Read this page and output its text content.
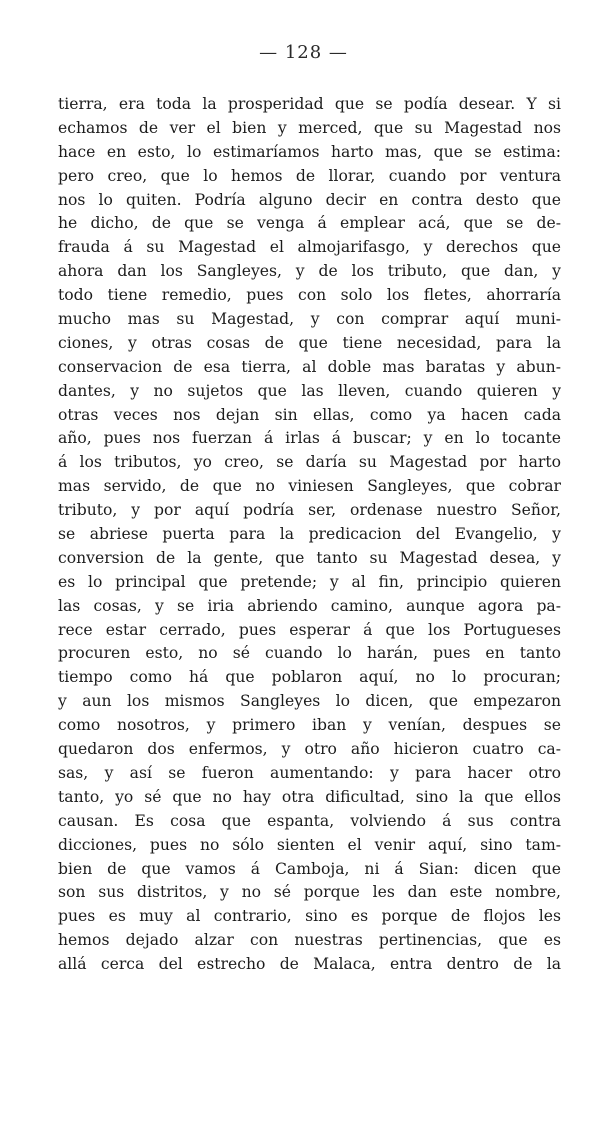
— 128 —
tierra, era toda la prosperidad que se podía desear. Y si
echamos de ver el bien y merced, que su Magestad nos
hace en esto, lo estimaríamos harto mas, que se estima:
pero creo, que lo hemos de llorar, cuando por ventura
nos lo quiten. Podría alguno decir en contra desto que
he dicho, de que se venga á emplear acá, que se de-
frauda á su Magestad el almojarifasgo, y derechos que
ahora dan los Sangleyes, y de los tributo, que dan, y
todo tiene remedio, pues con solo los fletes, ahorraría
mucho mas su Magestad, y con comprar aquí muni-
ciones, y otras cosas de que tiene necesidad, para la
conservacion de esa tierra, al doble mas baratas y abun-
dantes, y no sujetos que las lleven, cuando quieren y
otras veces nos dejan sin ellas, como ya hacen cada
año, pues nos fuerzan á irlas á buscar; y en lo tocante
á los tributos, yo creo, se daría su Magestad por harto
mas servido, de que no viniesen Sangleyes, que cobrar
tributo, y por aquí podría ser, ordenase nuestro Señor,
se abriese puerta para la predicacion del Evangelio, y
conversion de la gente, que tanto su Magestad desea, y
es lo principal que pretende; y al fin, principio quieren
las cosas, y se iria abriendo camino, aunque agora pa-
rece estar cerrado, pues esperar á que los Portugueses
procuren esto, no sé cuando lo harán, pues en tanto
tiempo como há que poblaron aquí, no lo procuran;
y aun los mismos Sangleyes lo dicen, que empezaron
como nosotros, y primero iban y venían, despues se
quedaron dos enfermos, y otro año hicieron cuatro ca-
sas, y así se fueron aumentando: y para hacer otro
tanto, yo sé que no hay otra dificultad, sino la que ellos
causan. Es cosa que espanta, volviendo á sus contra
dicciones, pues no sólo sienten el venir aquí, sino tam-
bien de que vamos á Camboja, ni á Sian: dicen que
son sus distritos, y no sé porque les dan este nombre,
pues es muy al contrario, sino es porque de flojos les
hemos dejado alzar con nuestras pertinencias, que es
allá cerca del estrecho de Malaca, entra dentro de la
